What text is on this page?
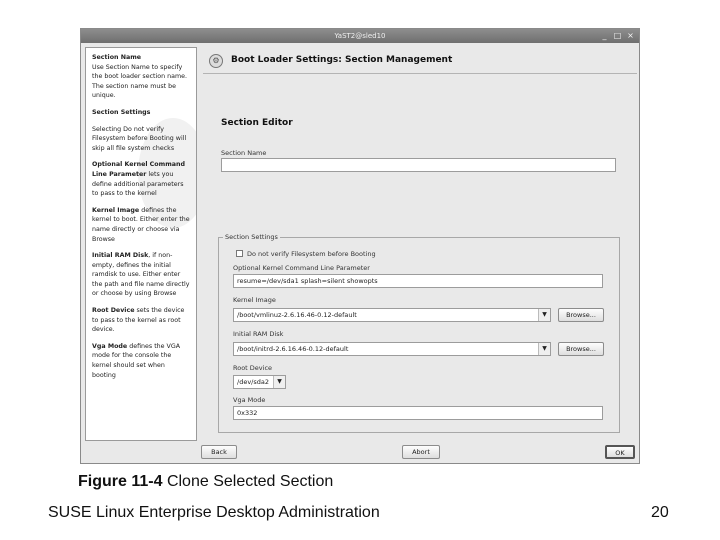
YaST2@sled10	_ □ ×
Section Name
Use Section Name to specify the boot loader section name. The section name must be unique.
Section Settings
Selecting Do not verify Filesystem before Booting will skip all file system checks
Optional Kernel Command Line Parameter lets you define additional parameters to pass to the kernel
Kernel Image defines the kernel to boot. Either enter the name directly or choose via Browse
Initial RAM Disk, if non-empty, defines the initial ramdisk to use. Either enter the path and file name directly or choose by using Browse
Root Device sets the device to pass to the kernel as root device.
Vga Mode defines the VGA mode for the console the kernel should set when booting
⚙	Boot Loader Settings: Section Management
Section Editor
Section Name
Section Settings
Do not verify Filesystem before Booting
Optional Kernel Command Line Parameter
resume=/dev/sda1 splash=silent showopts
Kernel Image
/boot/vmlinuz-2.6.16.46-0.12-default	▼	Browse...
Initial RAM Disk
/boot/initrd-2.6.16.46-0.12-default	▼	Browse...
Root Device
/dev/sda2	▼
Vga Mode
0x332
Back	Abort	OK
Figure 11-4 Clone Selected Section
SUSE Linux Enterprise Desktop Administration	20
